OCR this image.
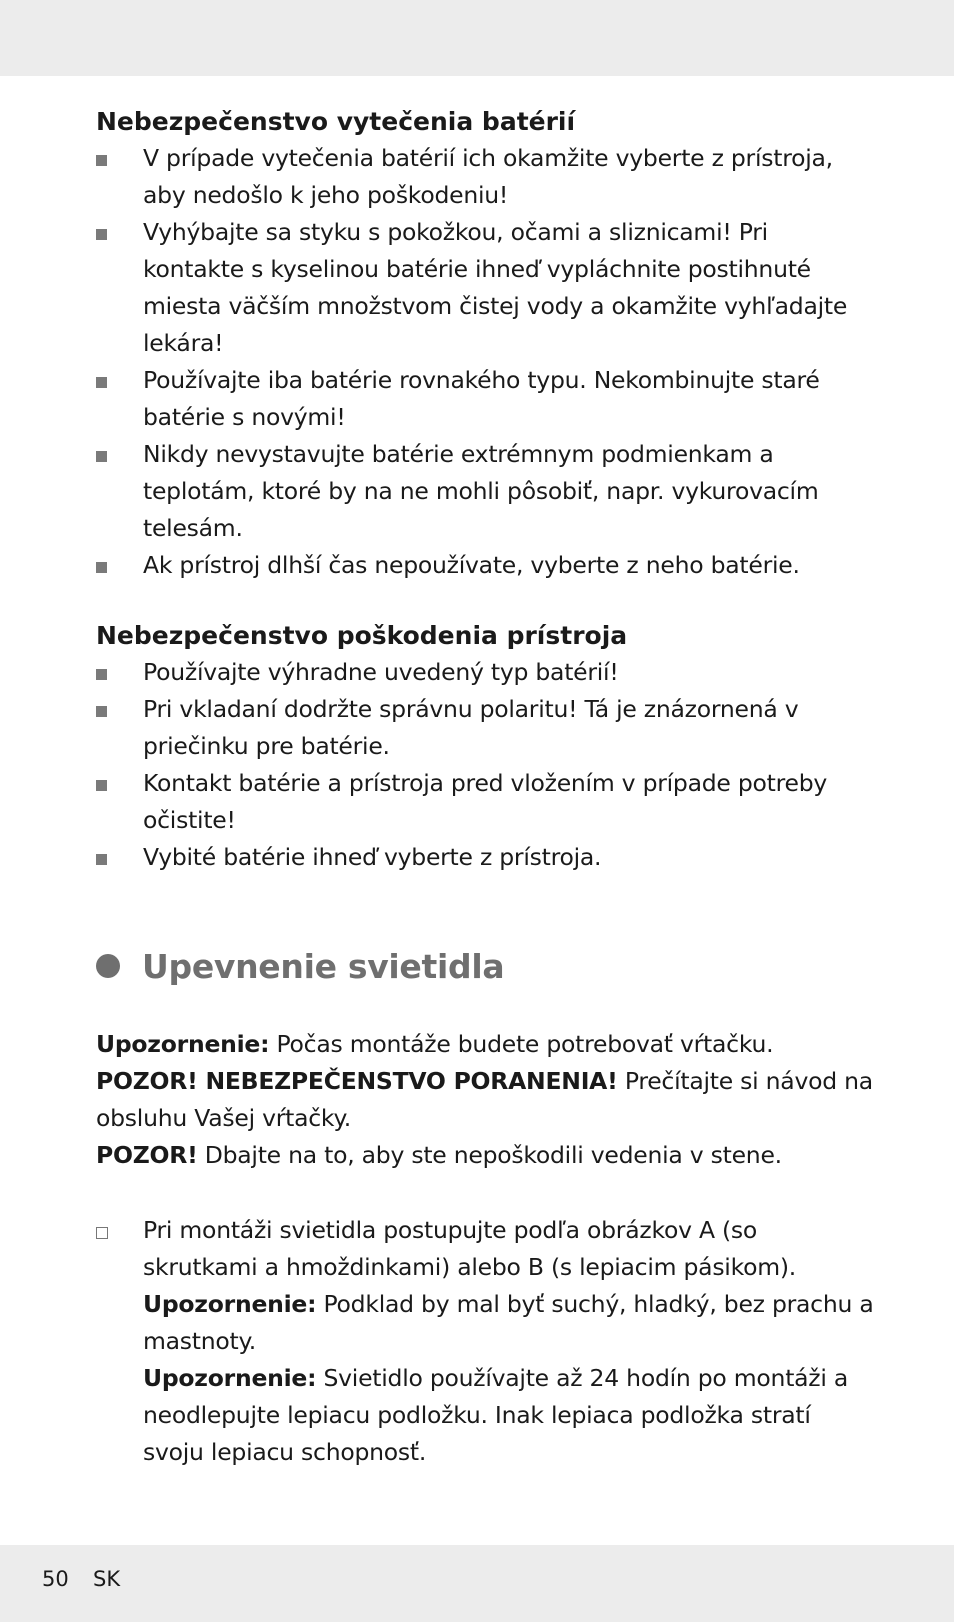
Nebezpečenstvo vytečenia batérií
V prípade vytečenia batérií ich okamžite vyberte z prístroja, aby nedošlo k jeho poškodeniu!
Vyhýbajte sa styku s pokožkou, očami a sliznicami! Pri kontakte s kyselinou batérie ihneď vypláchnite postihnuté miesta väčším množstvom čistej vody a okamžite vyhľadajte lekára!
Používajte iba batérie rovnakého typu. Nekombinujte staré batérie s novými!
Nikdy nevystavujte batérie extrémnym podmienkam a teplotám, ktoré by na ne mohli pôsobiť, napr. vykurovacím telesám.
Ak prístroj dlhší čas nepoužívate, vyberte z neho batérie.
Nebezpečenstvo poškodenia prístroja
Používajte výhradne uvedený typ batérií!
Pri vkladaní dodržte správnu polaritu! Tá je znázornená v priečinku pre batérie.
Kontakt batérie a prístroja pred vložením v prípade potreby očistite!
Vybité batérie ihneď vyberte z prístroja.
Upevnenie svietidla

Upozornenie: Počas montáže budete potrebovať vŕtačku.
POZOR! NEBEZPEČENSTVO PORANENIA! Prečítajte si návod na obsluhu Vašej vŕtačky.
POZOR! Dbajte na to, aby ste nepoškodili vedenia v stene.

Pri montáži svietidla postupujte podľa obrázkov A (so skrutkami a hmoždinkami) alebo B (s lepiacim pásikom).
Upozornenie: Podklad by mal byť suchý, hladký, bez prachu a mastnoty.
Upozornenie: Svietidlo používajte až 24 hodín po montáži a neodlepujte lepiacu podložku. Inak lepiaca podložka stratí svoju lepiacu schopnosť.
50 SK
